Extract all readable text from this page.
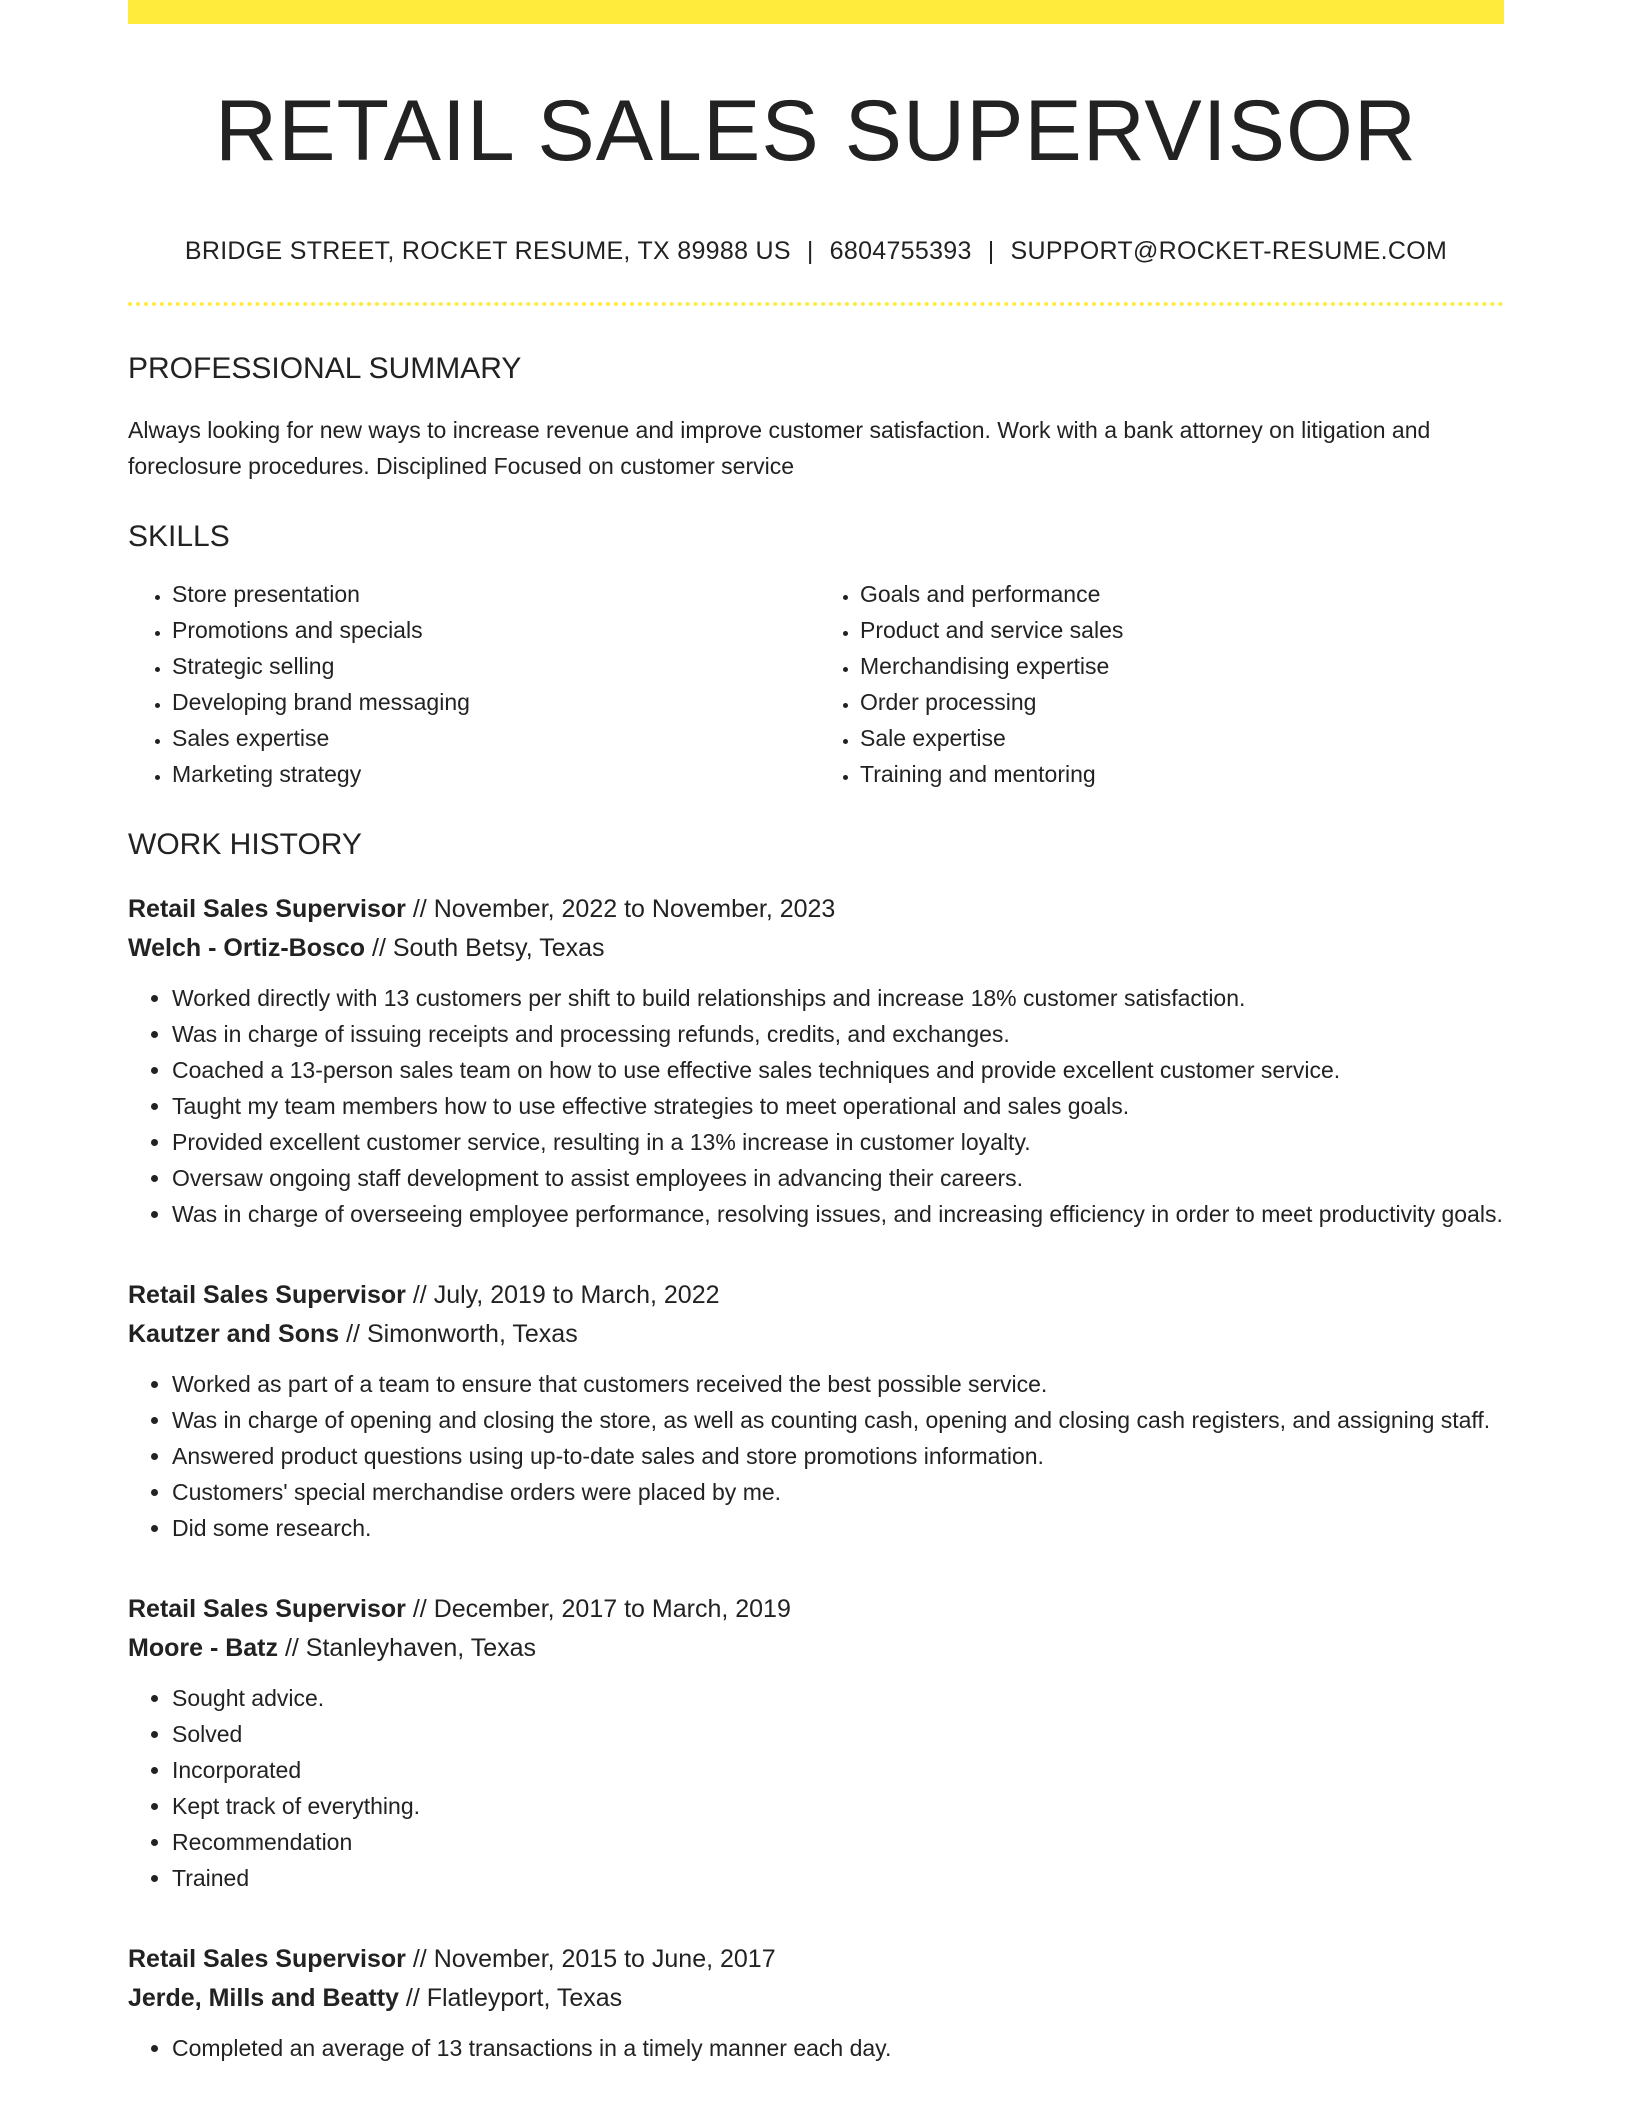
RETAIL SALES SUPERVISOR
BRIDGE STREET, ROCKET RESUME, TX 89988 US | 6804755393 | SUPPORT@ROCKET-RESUME.COM
PROFESSIONAL SUMMARY
Always looking for new ways to increase revenue and improve customer satisfaction. Work with a bank attorney on litigation and foreclosure procedures. Disciplined Focused on customer service
SKILLS
• Store presentation
• Promotions and specials
• Strategic selling
• Developing brand messaging
• Sales expertise
• Marketing strategy
• Goals and performance
• Product and service sales
• Merchandising expertise
• Order processing
• Sale expertise
• Training and mentoring
WORK HISTORY
Retail Sales Supervisor // November, 2022 to November, 2023
Welch - Ortiz-Bosco // South Betsy, Texas
• Worked directly with 13 customers per shift to build relationships and increase 18% customer satisfaction.
• Was in charge of issuing receipts and processing refunds, credits, and exchanges.
• Coached a 13-person sales team on how to use effective sales techniques and provide excellent customer service.
• Taught my team members how to use effective strategies to meet operational and sales goals.
• Provided excellent customer service, resulting in a 13% increase in customer loyalty.
• Oversaw ongoing staff development to assist employees in advancing their careers.
• Was in charge of overseeing employee performance, resolving issues, and increasing efficiency in order to meet productivity goals.
Retail Sales Supervisor // July, 2019 to March, 2022
Kautzer and Sons // Simonworth, Texas
• Worked as part of a team to ensure that customers received the best possible service.
• Was in charge of opening and closing the store, as well as counting cash, opening and closing cash registers, and assigning staff.
• Answered product questions using up-to-date sales and store promotions information.
• Customers' special merchandise orders were placed by me.
• Did some research.
Retail Sales Supervisor // December, 2017 to March, 2019
Moore - Batz // Stanleyhaven, Texas
• Sought advice.
• Solved
• Incorporated
• Kept track of everything.
• Recommendation
• Trained
Retail Sales Supervisor // November, 2015 to June, 2017
Jerde, Mills and Beatty // Flatleyport, Texas
• Completed an average of 13 transactions in a timely manner each day.
